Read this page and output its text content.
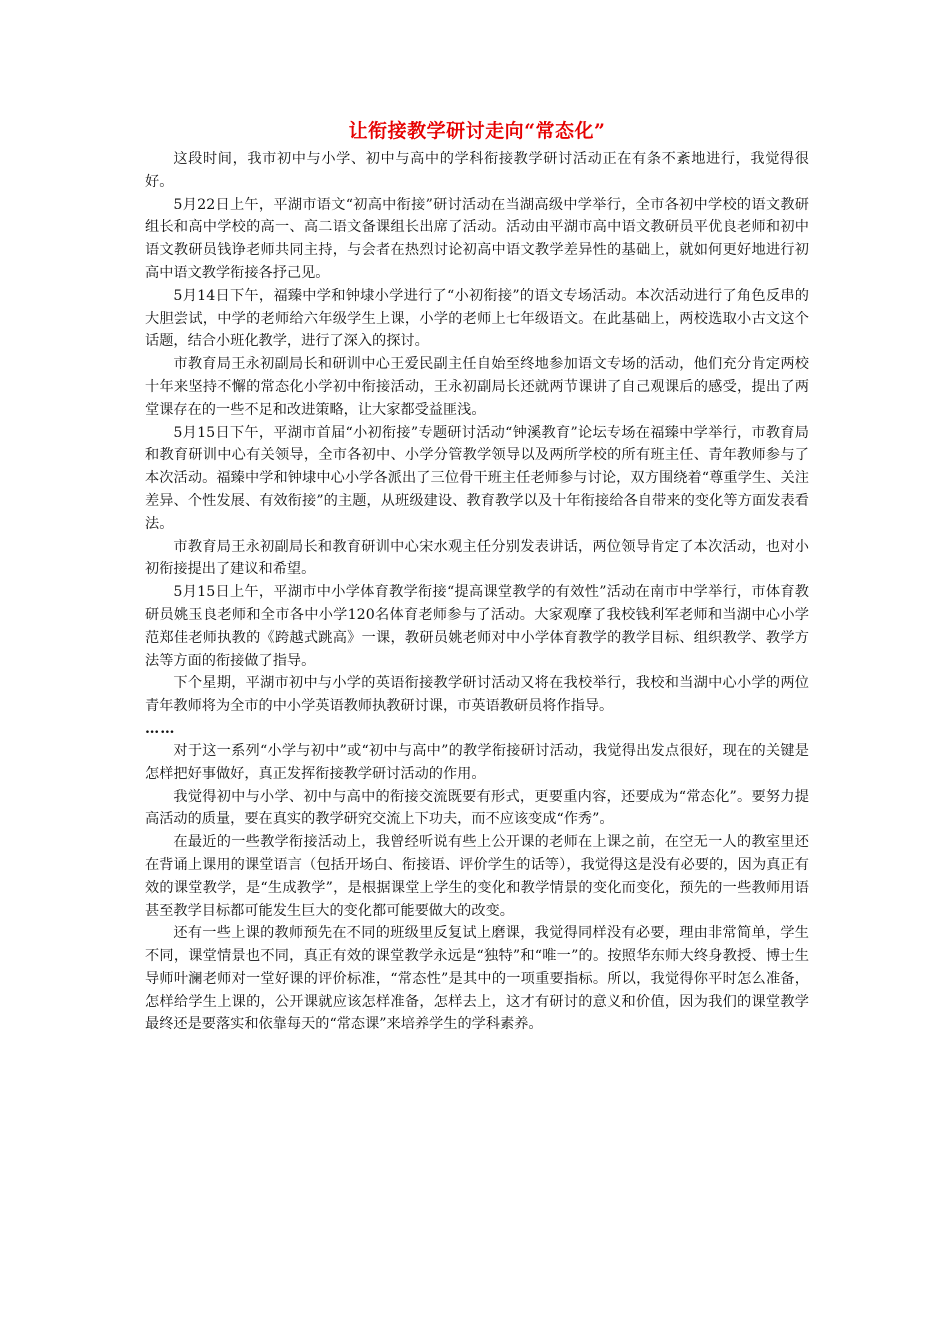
让衔接教学研讨走向“常态化”

这段时间，我市初中与小学、初中与高中的学科衔接教学研讨活动正在有条不紊地进行，我觉得很好。

5月22日上午，平湖市语文“初高中衔接”研讨活动在当湖高级中学举行，全市各初中学校的语文教研组长和高中学校的高一、高二语文备课组长出席了活动。活动由平湖市高中语文教研员平优良老师和初中语文教研员钱诤老师共同主持，与会者在热烈讨论初高中语文教学差异性的基础上，就如何更好地进行初高中语文教学衔接各抒己见。

5月14日下午，福臻中学和钟埭小学进行了“小初衔接”的语文专场活动。本次活动进行了角色反串的大胆尝试，中学的老师给六年级学生上课，小学的老师上七年级语文。在此基础上，两校选取小古文这个话题，结合小班化教学，进行了深入的探讨。

市教育局王永初副局长和研训中心王爱民副主任自始至终地参加语文专场的活动，他们充分肯定两校十年来坚持不懈的常态化小学初中衔接活动，王永初副局长还就两节课讲了自己观课后的感受，提出了两堂课存在的一些不足和改进策略，让大家都受益匪浅。

5月15日下午，平湖市首届“小初衔接”专题研讨活动“钟溪教育”论坛专场在福臻中学举行，市教育局和教育研训中心有关领导，全市各初中、小学分管教学领导以及两所学校的所有班主任、青年教师参与了本次活动。福臻中学和钟埭中心小学各派出了三位骨干班主任老师参与讨论，双方围绕着“尊重学生、关注差异、个性发展、有效衔接”的主题，从班级建设、教育教学以及十年衔接给各自带来的变化等方面发表看法。

市教育局王永初副局长和教育研训中心宋水观主任分别发表讲话，两位领导肯定了本次活动，也对小初衔接提出了建议和希望。

5月15日上午，平湖市中小学体育教学衔接“提高课堂教学的有效性”活动在南市中学举行，市体育教研员姚玉良老师和全市各中小学120名体育老师参与了活动。大家观摩了我校钱利军老师和当湖中心小学范郑佳老师执教的《跨越式跳高》一课，教研员姚老师对中小学体育教学的教学目标、组织教学、教学方法等方面的衔接做了指导。

下个星期，平湖市初中与小学的英语衔接教学研讨活动又将在我校举行，我校和当湖中心小学的两位青年教师将为全市的中小学英语教师执教研讨课，市英语教研员将作指导。

……

对于这一系列“小学与初中”或“初中与高中”的教学衔接研讨活动，我觉得出发点很好，现在的关键是怎样把好事做好，真正发挥衔接教学研讨活动的作用。

我觉得初中与小学、初中与高中的衔接交流既要有形式，更要重内容，还要成为“常态化”。要努力提高活动的质量，要在真实的教学研究交流上下功夫，而不应该变成“作秀”。

在最近的一些教学衔接活动上，我曾经听说有些上公开课的老师在上课之前，在空无一人的教室里还在背诵上课用的课堂语言（包括开场白、衔接语、评价学生的话等），我觉得这是没有必要的，因为真正有效的课堂教学，是“生成教学”，是根据课堂上学生的变化和教学情景的变化而变化，预先的一些教师用语甚至教学目标都可能发生巨大的变化都可能要做大的改变。

还有一些上课的教师预先在不同的班级里反复试上磨课，我觉得同样没有必要，理由非常简单，学生不同，课堂情景也不同，真正有效的课堂教学永远是“独特”和“唯一”的。按照华东师大终身教授、博士生导师叶澜老师对一堂好课的评价标准，“常态性”是其中的一项重要指标。所以，我觉得你平时怎么准备，怎样给学生上课的，公开课就应该怎样准备，怎样去上，这才有研讨的意义和价值，因为我们的课堂教学最终还是要落实和依靠每天的“常态课”来培养学生的学科素养。
